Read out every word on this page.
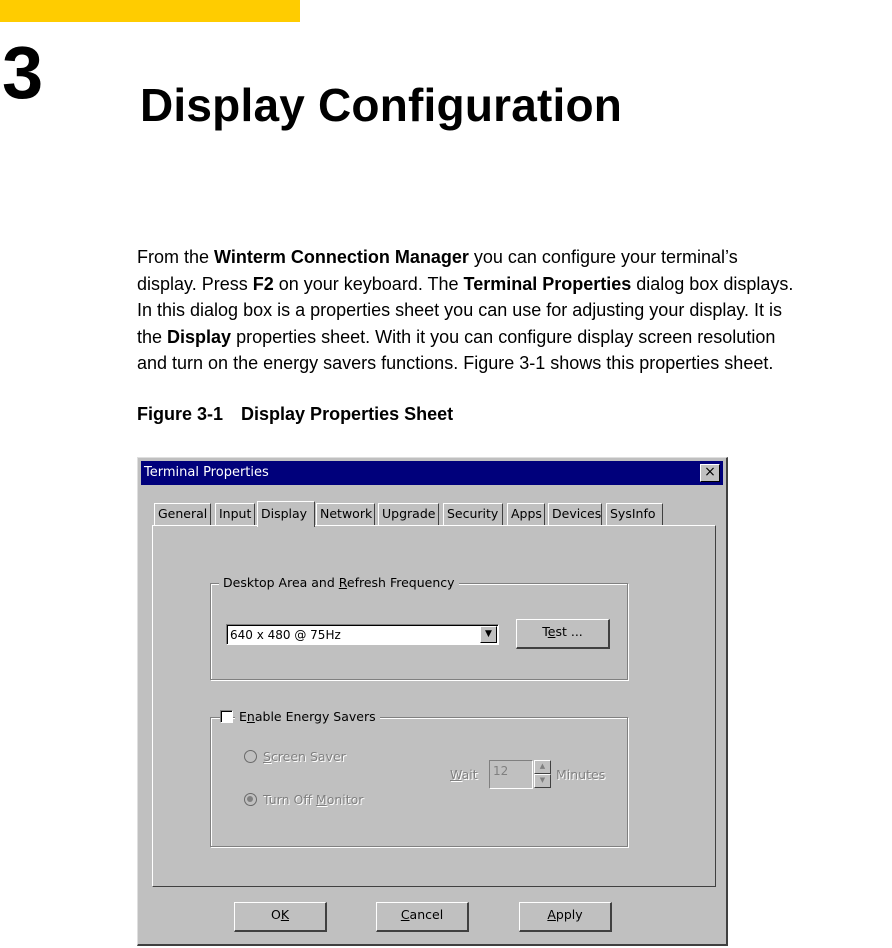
3 Display Configuration

From the Winterm Connection Manager you can configure your terminal’s
display. Press F2 on your keyboard. The Terminal Properties dialog box displays.
In this dialog box is a properties sheet you can use for adjusting your display. It is
the Display properties sheet. With it you can configure display screen resolution
and turn on the energy savers functions. Figure 3-1 shows this properties sheet.

Figure 3-1 Display Properties Sheet
Terminal Properties	×
General Input Display	Network Upgrade Security	Apps Devices SysInfo
Desktop Area and Refresh Frequency
640 x 480 @ 75Hz	▼	Test ...
Enable Energy Savers
Screen Saver
Turn Off Monitor
Wait	12	▲
▼ Minutes
OK	Cancel	Apply
